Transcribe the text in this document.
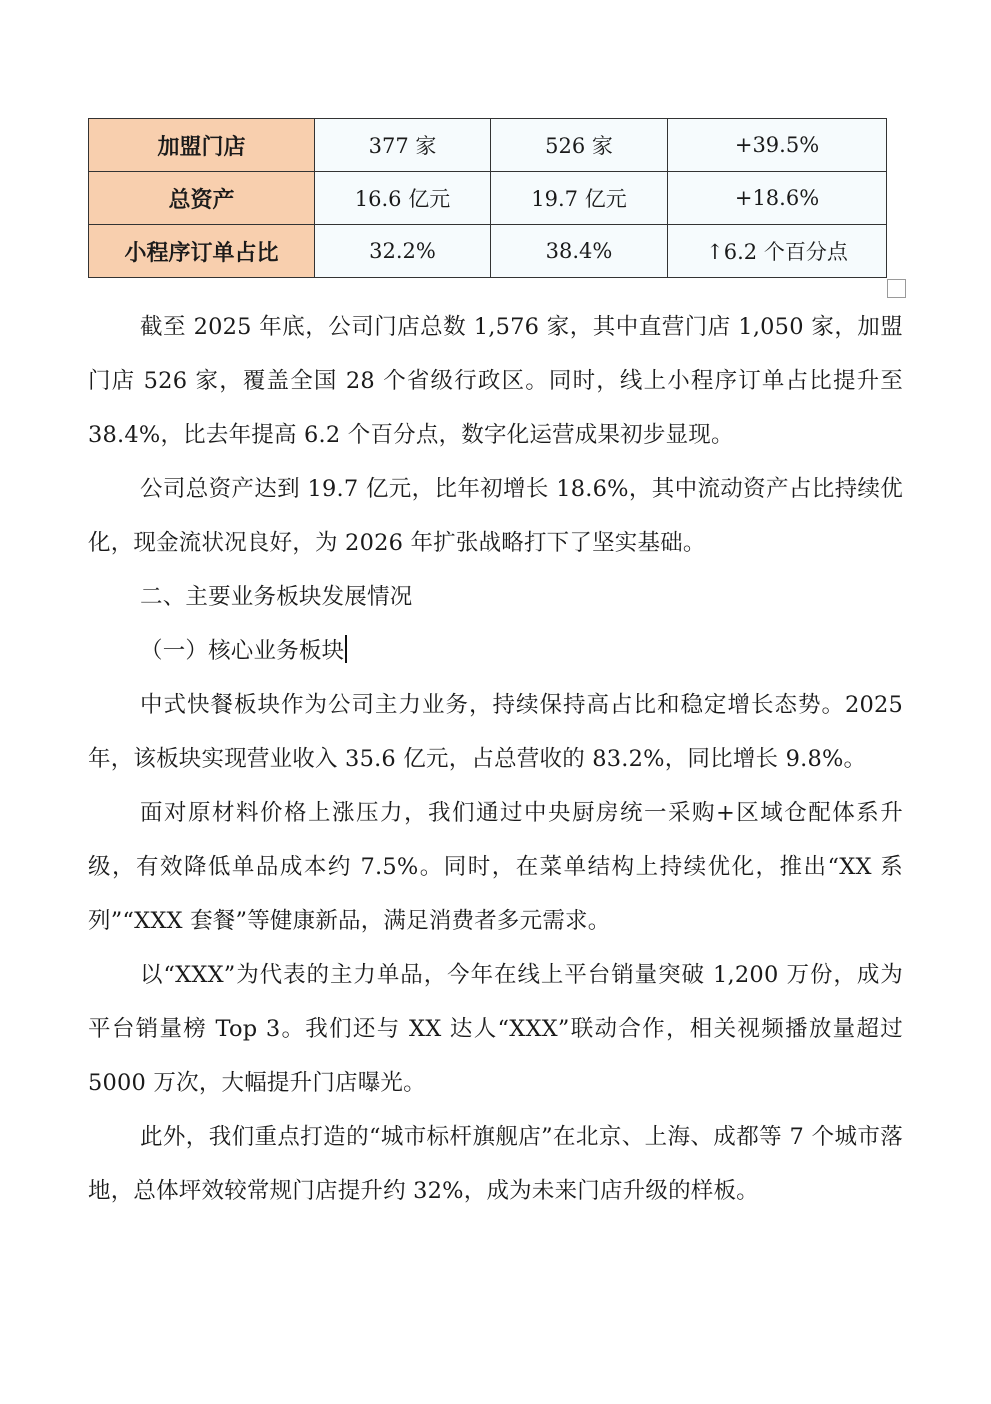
加盟门店	377 家	526 家	+39.5%
总资产	16.6 亿元	19.7 亿元	+18.6%
小程序订单占比	32.2%	38.4%	↑6.2 个百分点

截至 2025 年底，公司门店总数 1,576 家，其中直营门店 1,050 家，加盟门店 526 家，覆盖全国 28 个省级行政区。同时，线上小程序订单占比提升至 38.4%，比去年提高 6.2 个百分点，数字化运营成果初步显现。

公司总资产达到 19.7 亿元，比年初增长 18.6%，其中流动资产占比持续优化，现金流状况良好，为 2026 年扩张战略打下了坚实基础。

二、主要业务板块发展情况

（一）核心业务板块

中式快餐板块作为公司主力业务，持续保持高占比和稳定增长态势。2025 年，该板块实现营业收入 35.6 亿元，占总营收的 83.2%，同比增长 9.8%。

面对原材料价格上涨压力，我们通过中央厨房统一采购+区域仓配体系升级，有效降低单品成本约 7.5%。同时，在菜单结构上持续优化，推出“XX 系列”“XXX 套餐”等健康新品，满足消费者多元需求。

以“XXX”为代表的主力单品，今年在线上平台销量突破 1,200 万份，成为平台销量榜 Top 3。我们还与 XX 达人“XXX”联动合作，相关视频播放量超过 5000 万次，大幅提升门店曝光。

此外，我们重点打造的“城市标杆旗舰店”在北京、上海、成都等 7 个城市落地，总体坪效较常规门店提升约 32%，成为未来门店升级的样板。
